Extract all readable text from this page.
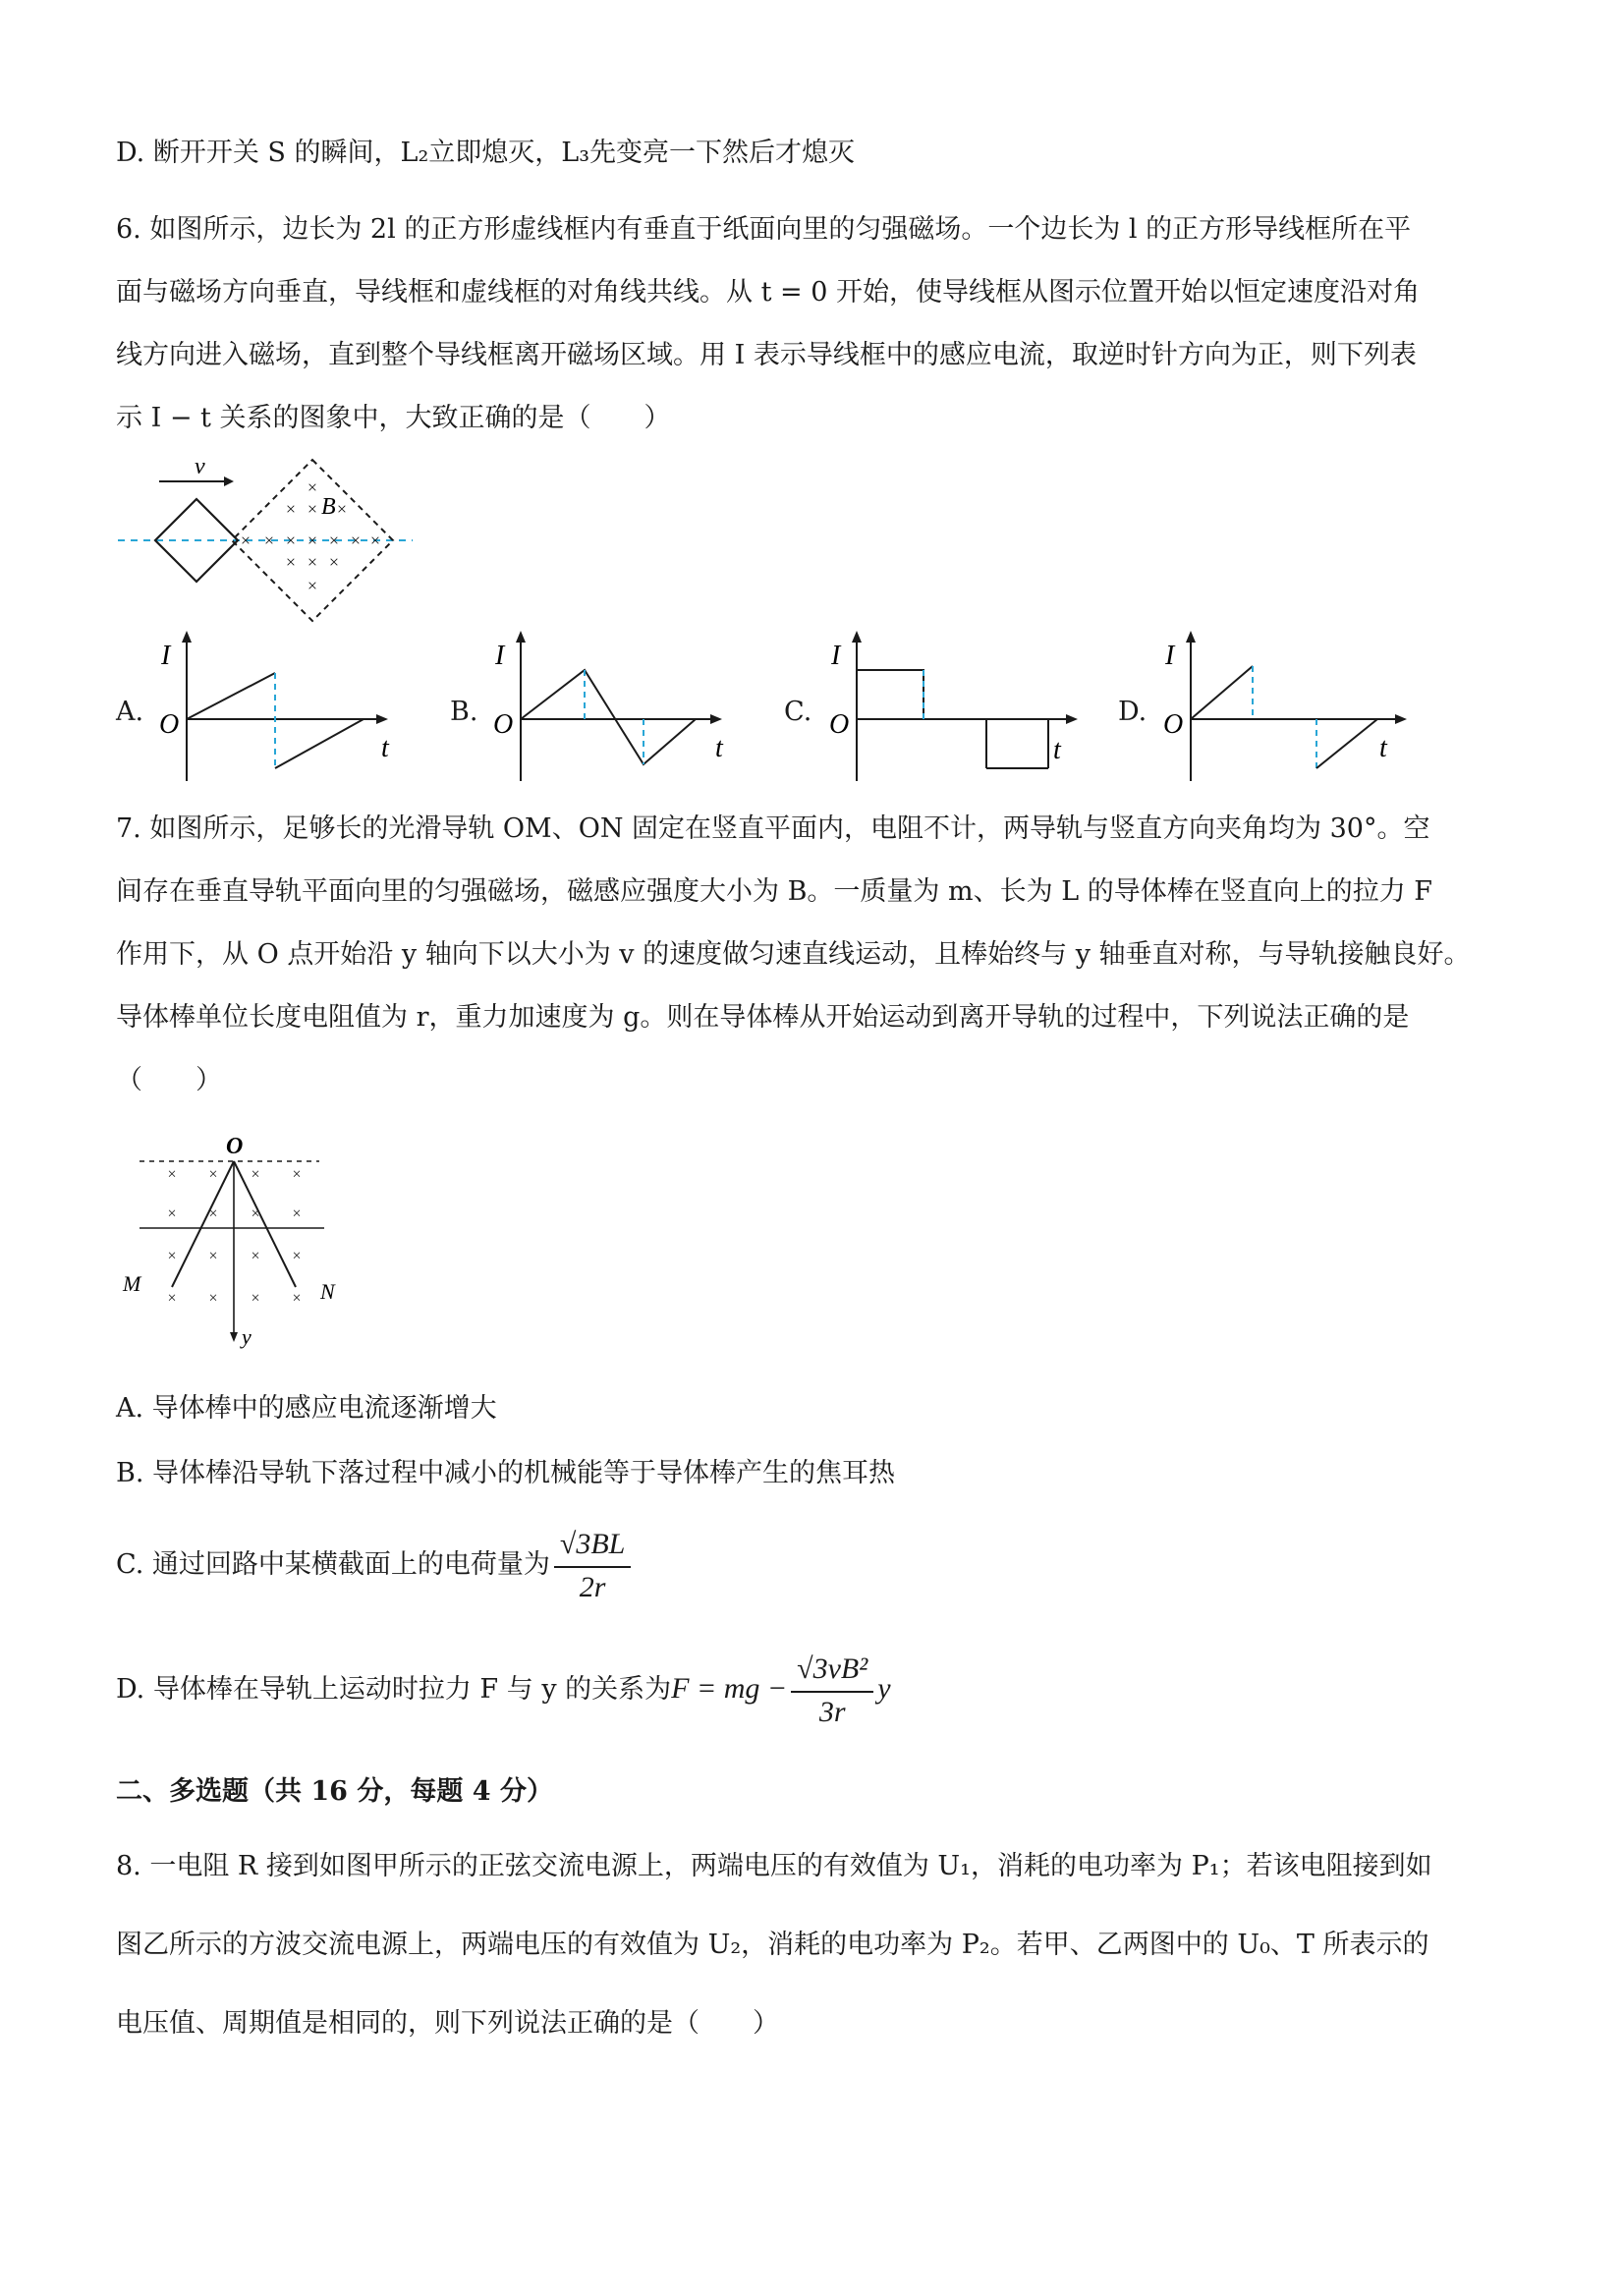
D. 断开开关 S 的瞬间，L₂立即熄灭，L₃先变亮一下然后才熄灭
6. 如图所示，边长为 2l 的正方形虚线框内有垂直于纸面向里的匀强磁场。一个边长为 l 的正方形导线框所在平
面与磁场方向垂直，导线框和虚线框的对角线共线。从 t = 0 开始，使导线框从图示位置开始以恒定速度沿对角
线方向进入磁场，直到整个导线框离开磁场区域。用 I 表示导线框中的感应电流，取逆时针方向为正，则下列表
示 I − t 关系的图象中，大致正确的是（　　）
v
B
×
× × ×
× × × × ×
×	×
× × ×
×
A.
I
O
t
B.
I
O
t
C.
I
O
t
D.
I
O
t
7. 如图所示，足够长的光滑导轨 OM、ON 固定在竖直平面内，电阻不计，两导轨与竖直方向夹角均为 30°。空
间存在垂直导轨平面向里的匀强磁场，磁感应强度大小为 B。一质量为 m、长为 L 的导体棒在竖直向上的拉力 F
作用下，从 O 点开始沿 y 轴向下以大小为 v 的速度做匀速直线运动，且棒始终与 y 轴垂直对称，与导轨接触良好。
导体棒单位长度电阻值为 r，重力加速度为 g。则在导体棒从开始运动到离开导轨的过程中，下列说法正确的是
（　　）
O
y
M	N
× × × ×
× × × ×
× × × ×
× × × ×
A. 导体棒中的感应电流逐渐增大
B. 导体棒沿导轨下落过程中减小的机械能等于导体棒产生的焦耳热
C. 通过回路中某横截面上的电荷量为 $\frac{√3BL}{2r}$
D. 导体棒在导轨上运动时拉力 F 与 y 的关系为F = mg − $\frac{\text{√3vB²}}{3r}$ y
二、多选题（共 16 分，每题 4 分）
8. 一电阻 R 接到如图甲所示的正弦交流电源上，两端电压的有效值为 U₁，消耗的电功率为 P₁；若该电阻接到如
图乙所示的方波交流电源上，两端电压的有效值为 U₂，消耗的电功率为 P₂。若甲、乙两图中的 U₀、T 所表示的
电压值、周期值是相同的，则下列说法正确的是（　　）
